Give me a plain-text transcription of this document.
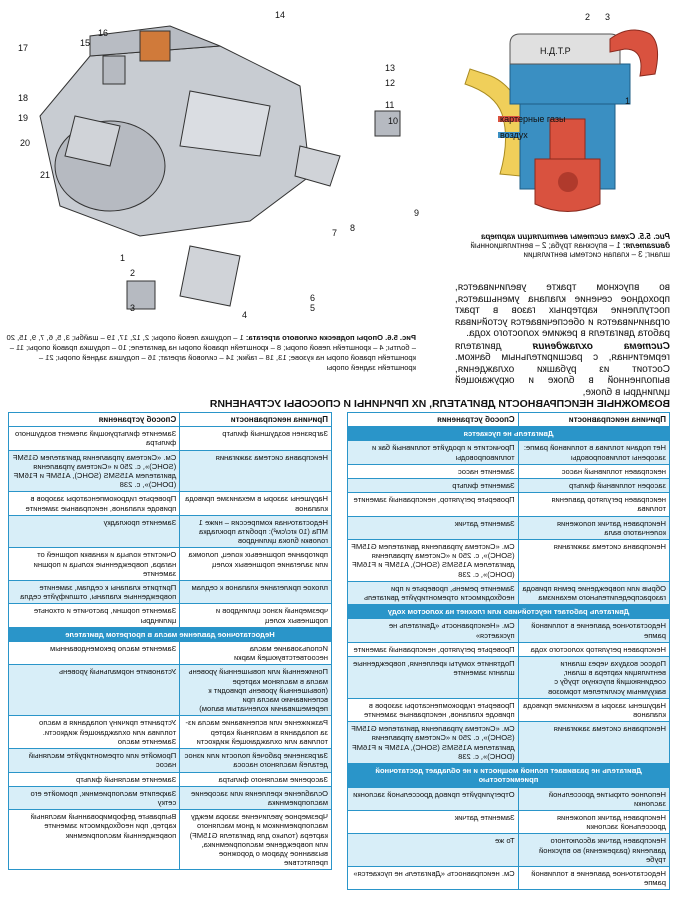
картерные газы
воздух
Н.Д.Т.Р
2 3
1
Рис. 5.5. Схема системы вентиляции картера двигателя: 1 – впускная труба; 2 – вентиляционный шланг; 3 – клапан системы вентиляции

во впускном тракте увеличивается, проходное сечение клапана уменьшается, поступление картерных газов в тракт ограничивается и обеспечивается устойчивая работа двигателя в режиме холостого хода.

Система охлаждения двигателя герметичная, с расширительным бачком. Состоит из рубашки охлаждения, выполненной в блоке и окружающей цилиндры в блоке,

14
16
15
17
18
19
20
21
13
12
11
10
9
8
7
6
5
4
3
2
1
Рис. 5.6. Опоры подвески силового агрегата: 1 – подушка левой опоры; 2, 12, 17, 19 – шайбы; 3, 5, 6, 7, 9, 15, 20 – болты; 4 – кронштейн левой опоры; 8 – кронштейн правой опоры на двигателе; 10 – подушка правой опоры; 11 – кронштейн правой опоры на кузове; 13, 18 – гайки; 14 – силовой агрегат; 16 – подушка задней опоры; 21 – кронштейн задней опоры
ВОЗМОЖНЫЕ НЕИСПРАВНОСТИ ДВИГАТЕЛЯ, ИХ ПРИЧИНЫ И СПОСОБЫ УСТРАНЕНИЯ
Причина неисправности	Способ устранения
Двигатель не пускается	
Нет подачи топлива в топливной рампе: засорены топливопроводы	Прочистите и продуйте топливный бак и топливопроводы
неисправен топливный насос	Замените насос
засорен топливный фильтр	Замените фильтр
неисправен регулятор давления топлива	Проверьте регулятор, неисправный замените
Неисправен датчик положения коленчатого вала	Замените датчик
Неисправна система зажигания	См. «Система управления двигателем G15MF (SOHC)», с. 250 и «Система управления двигателем A15SMS (SOHC), A15MF и F16MF (DOHC)», с. 238
Обрыв или повреждение ремня привода газораспределительного механизма	Замените ремень, проверьте и при необходимости отремонтируйте двигатель
Двигатель работает неустойчиво или глохнет на холостом ходу	
Недостаточное давление в топливной рампе	См. «Неисправность «Двигатель не пускается»
Неисправен регулятор холостого хода	Проверьте регулятор, неисправный замените
Подсос воздуха через шланги вентиляции картера в шланг, соединяющий впускную трубу с вакуумным усилителем тормозов	Подтяните хомуты крепления, поврежденные шланги замените
Нарушены зазоры в механизме привода клапанов	Проверьте гидрокомпенсаторы зазоров в приводе клапанов, неисправные замените
Неисправна система зажигания	См. «Система управления двигателем G15MF (SOHC)», с. 250 и «Система управления двигателем A15SMS (SOHC), A15MF и F16MF (DOHC)», с. 238
Двигатель не развивает полной мощности и не обладает достаточной приемистостью	
Неполное открытие дроссельной заслонки	Отрегулируйте привод дроссельной заслонки
Неисправен датчик положения дроссельной заслонки	Замените датчик
Неисправен датчик абсолютного давления (разрежения) во впускной трубе	То же
Недостаточное давление в топливной рампе	См. неисправность «Двигатель не пускается»
Причина неисправности	Способ устранения
Загрязнен воздушный фильтр	Замените фильтрующий элемент воздушного фильтра
Неисправна система зажигания	См. «Система управления двигателем G15MF (SOHC)», с. 250 и «Система управления двигателем A15SMS (SOHC), A15MF и F16MF (DOHC)», с. 238
Нарушены зазоры в механизме привода клапанов	Проверьте гидрокомпенсаторы зазоров в приводе клапанов, неисправные замените
Недостаточная компрессия – ниже 1 МПа (10 кгс/см²): пробита прокладка головки блока цилиндров	Замените прокладку
пригорание поршневых колец, поломка или залегание поршневых колец	Очистите кольца и канавки поршней от нагара, поврежденные кольца и поршни замените
плохое прилегание клапанов к седлам	Притрите клапаны к седлам, замените поврежденные клапаны, отшлифуйте седла
чрезмерный износ цилиндров и поршневых колец	Замените поршни, расточите и отхоньте цилиндры
Недостаточное давление масла в прогретом двигателе	
Использование масла несоответствующей марки	Замените масло рекомендованным
Пониженный или повышенный уровень масла в масляном картере (повышенный уровень приводит к вспениванию масла при перемешивании коленчатым валом)	Установите нормальный уровень
Разжижение или вспенивание масла из-за попадания в масляный картер топлива или охлаждающей жидкости	Устраните причину попадания в масло топлива или охлаждающей жидкости. Замените масло
Загрязнение рабочей полости или износ деталей масляного насоса	Промойте или отремонтируйте масляный насос
Засорение масляного фильтра	Замените масляный фильтр
Ослабление крепления или засорение маслоприемника	Закрепите маслоприемник, промойте его сетку
Чрезмерное увеличение зазора между маслоприемником и дном масляного картера (только для двигателя G15MF) или повреждение маслоприемника, вызванное ударом о дорожное препятствие	Выправьте деформированный масляный картер, при необходимости замените поврежденный маслоприемник
